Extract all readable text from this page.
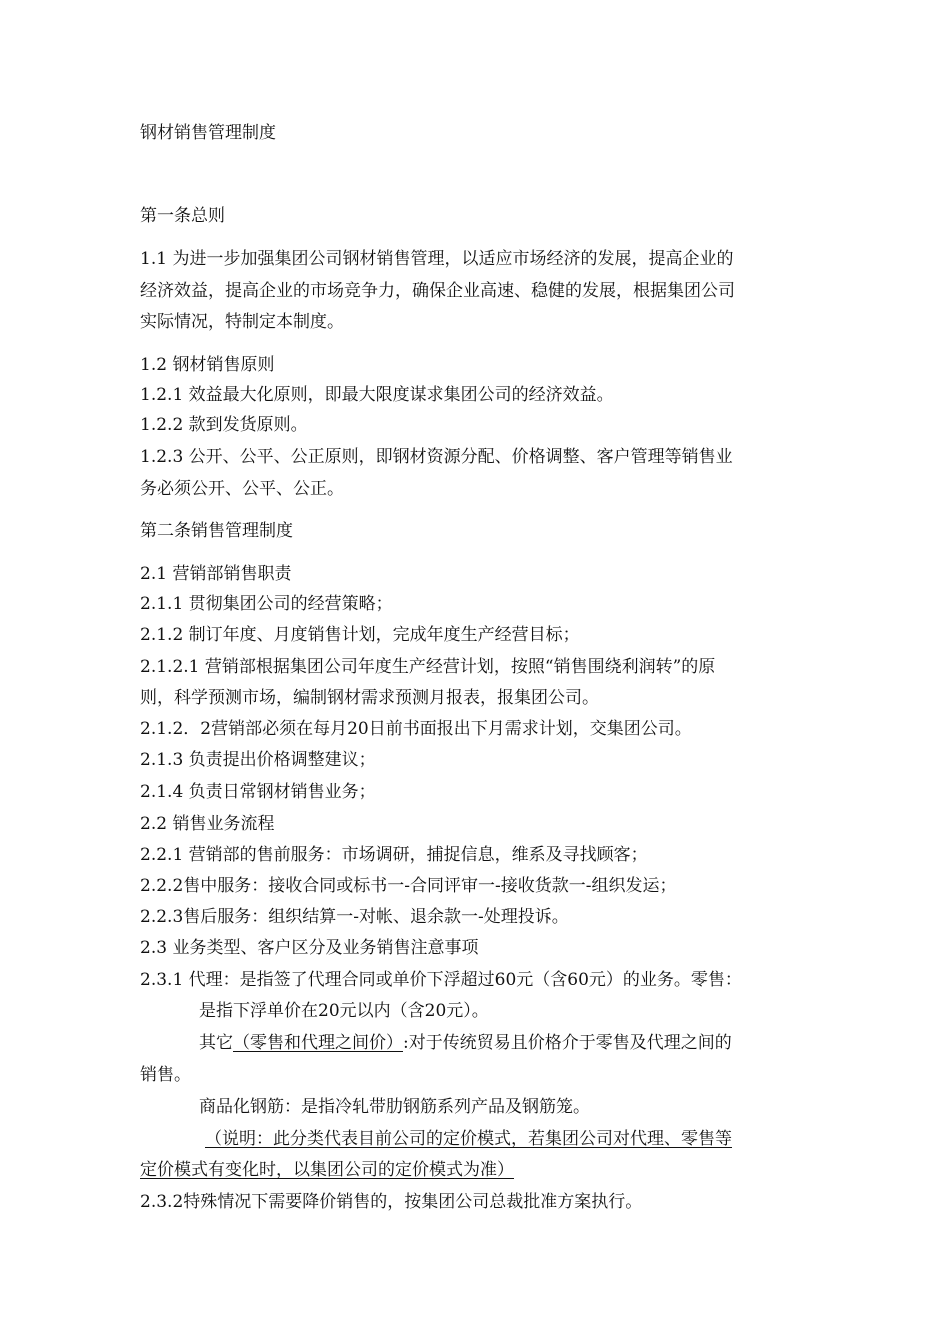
钢材销售管理制度
第一条总则
1.1 为进一步加强集团公司钢材销售管理，以适应市场经济的发展，提高企业的
经济效益，提高企业的市场竞争力，确保企业高速、稳健的发展，根据集团公司
实际情况，特制定本制度。
1.2 钢材销售原则
1.2.1 效益最大化原则，即最大限度谋求集团公司的经济效益。
1.2.2 款到发货原则。
1.2.3 公开、公平、公正原则，即钢材资源分配、价格调整、客户管理等销售业
务必须公开、公平、公正。
第二条销售管理制度
2.1 营销部销售职责
2.1.1 贯彻集团公司的经营策略；
2.1.2 制订年度、月度销售计划，完成年度生产经营目标；
2.1.2.1 营销部根据集团公司年度生产经营计划，按照“销售围绕利润转”的原
则，科学预测市场，编制钢材需求预测月报表，报集团公司。
2.1.2．2营销部必须在每月20日前书面报出下月需求计划，交集团公司。
2.1.3 负责提出价格调整建议；
2.1.4 负责日常钢材销售业务；
2.2 销售业务流程
2.2.1 营销部的售前服务：市场调研，捕捉信息，维系及寻找顾客；
2.2.2售中服务：接收合同或标书一-合同评审一-接收货款一-组织发运；
2.2.3售后服务：组织结算一-对帐、退余款一-处理投诉。
2.3 业务类型、客户区分及业务销售注意事项
2.3.1 代理：是指签了代理合同或单价下浮超过60元（含60元）的业务。零售：
是指下浮单价在20元以内（含20元）。
其它（零售和代理之间价）:对于传统贸易且价格介于零售及代理之间的
销售。
商品化钢筋：是指冷轧带肋钢筋系列产品及钢筋笼。
（说明：此分类代表目前公司的定价模式，若集团公司对代理、零售等
定价模式有变化时，以集团公司的定价模式为准）
2.3.2特殊情况下需要降价销售的，按集团公司总裁批准方案执行。
